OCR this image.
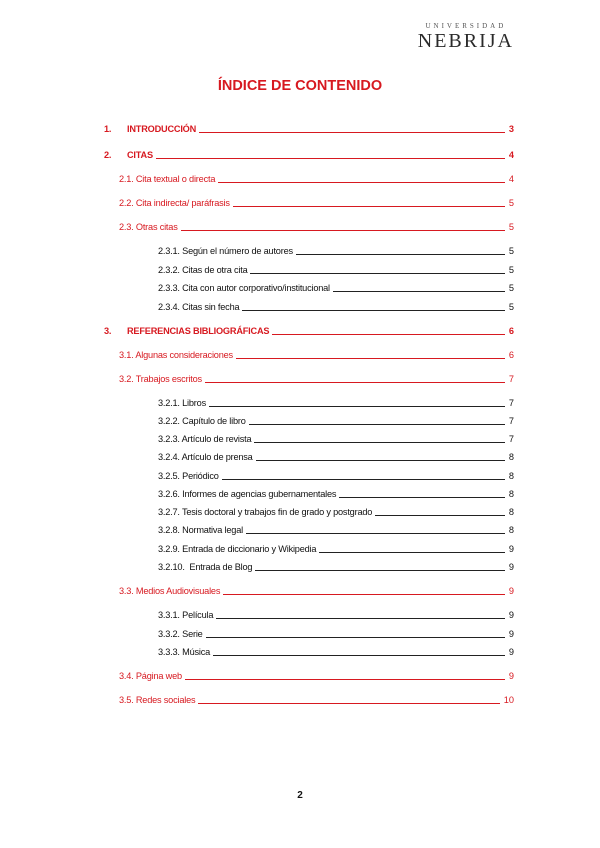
UNIVERSIDAD
NEBRIJA
ÍNDICE DE CONTENIDO
1. INTRODUCCIÓN	3
2. CITAS	4
2.1. Cita textual o directa	4
2.2. Cita indirecta/ paráfrasis	5
2.3. Otras citas	5
2.3.1. Según el número de autores	5
2.3.2. Citas de otra cita	5
2.3.3. Cita con autor corporativo/institucional	5
2.3.4. Citas sin fecha	5
3. REFERENCIAS BIBLIOGRÁFICAS	6
3.1. Algunas consideraciones	6
3.2. Trabajos escritos	7
3.2.1. Libros	7
3.2.2. Capítulo de libro	7
3.2.3. Artículo de revista	7
3.2.4. Artículo de prensa	8
3.2.5. Periódico	8
3.2.6. Informes de agencias gubernamentales	8
3.2.7. Tesis doctoral y trabajos fin de grado y postgrado	8
3.2.8. Normativa legal	8
3.2.9. Entrada de diccionario y Wikipedia	9
3.2.10.  Entrada de Blog	9
3.3. Medios Audiovisuales	9
3.3.1. Película	9
3.3.2. Serie	9
3.3.3. Música	9
3.4. Página web	9
3.5. Redes sociales	10
2
